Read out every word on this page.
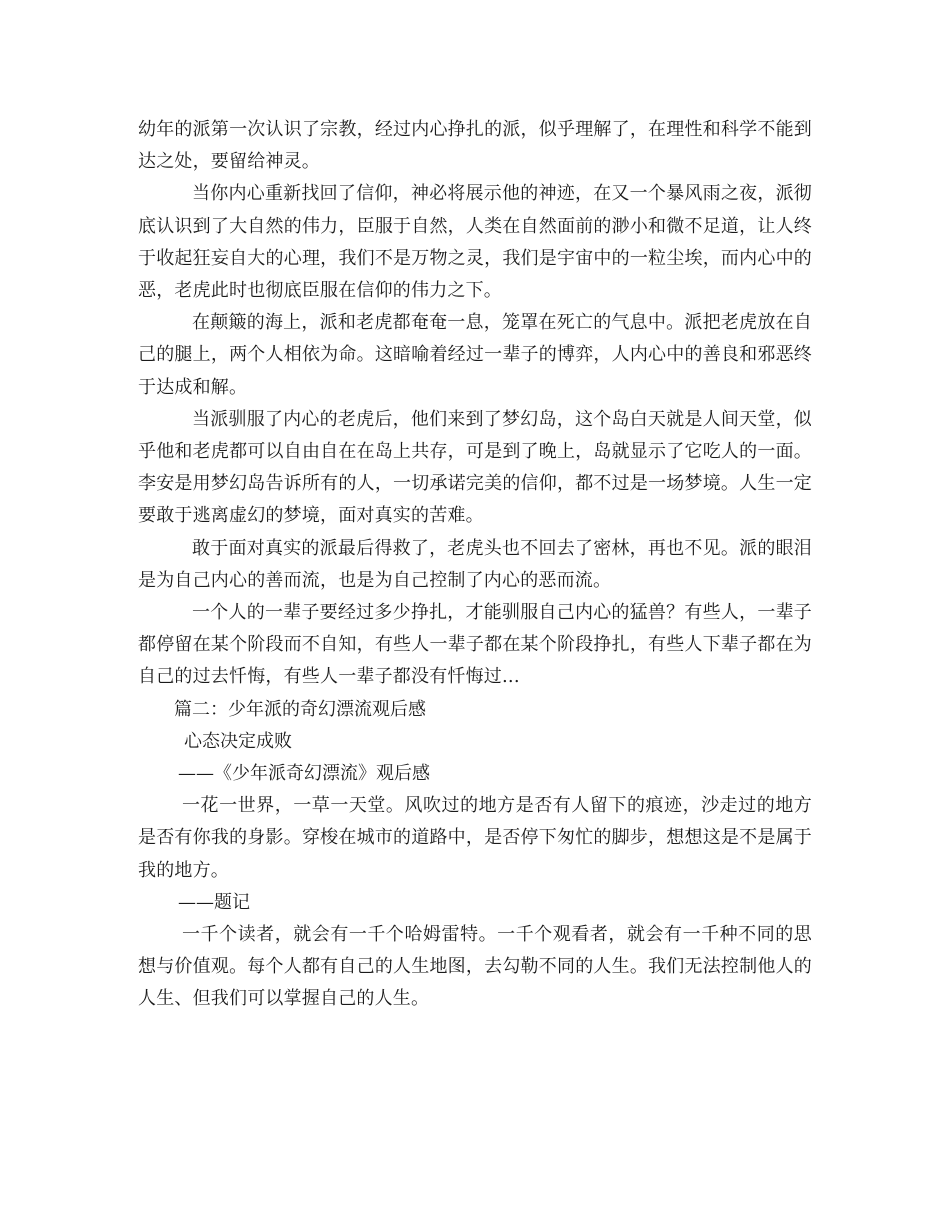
幼年的派第一次认识了宗教，经过内心挣扎的派，似乎理解了，在理性和科学不能到达之处，要留给神灵。

当你内心重新找回了信仰，神必将展示他的神迹，在又一个暴风雨之夜，派彻底认识到了大自然的伟力，臣服于自然，人类在自然面前的渺小和微不足道，让人终于收起狂妄自大的心理，我们不是万物之灵，我们是宇宙中的一粒尘埃，而内心中的恶，老虎此时也彻底臣服在信仰的伟力之下。

在颠簸的海上，派和老虎都奄奄一息，笼罩在死亡的气息中。派把老虎放在自己的腿上，两个人相依为命。这暗喻着经过一辈子的博弈，人内心中的善良和邪恶终于达成和解。

当派驯服了内心的老虎后，他们来到了梦幻岛，这个岛白天就是人间天堂，似乎他和老虎都可以自由自在在岛上共存，可是到了晚上，岛就显示了它吃人的一面。李安是用梦幻岛告诉所有的人，一切承诺完美的信仰，都不过是一场梦境。人生一定要敢于逃离虚幻的梦境，面对真实的苦难。

敢于面对真实的派最后得救了，老虎头也不回去了密林，再也不见。派的眼泪是为自己内心的善而流，也是为自己控制了内心的恶而流。

一个人的一辈子要经过多少挣扎，才能驯服自己内心的猛兽？有些人，一辈子都停留在某个阶段而不自知，有些人一辈子都在某个阶段挣扎，有些人下辈子都在为自己的过去忏悔，有些人一辈子都没有忏悔过...

篇二：少年派的奇幻漂流观后感

心态决定成败

——《少年派奇幻漂流》观后感

一花一世界，一草一天堂。风吹过的地方是否有人留下的痕迹，沙走过的地方是否有你我的身影。穿梭在城市的道路中，是否停下匆忙的脚步，想想这是不是属于我的地方。

——题记

一千个读者，就会有一千个哈姆雷特。一千个观看者，就会有一千种不同的思想与价值观。每个人都有自己的人生地图，去勾勒不同的人生。我们无法控制他人的人生、但我们可以掌握自己的人生。
